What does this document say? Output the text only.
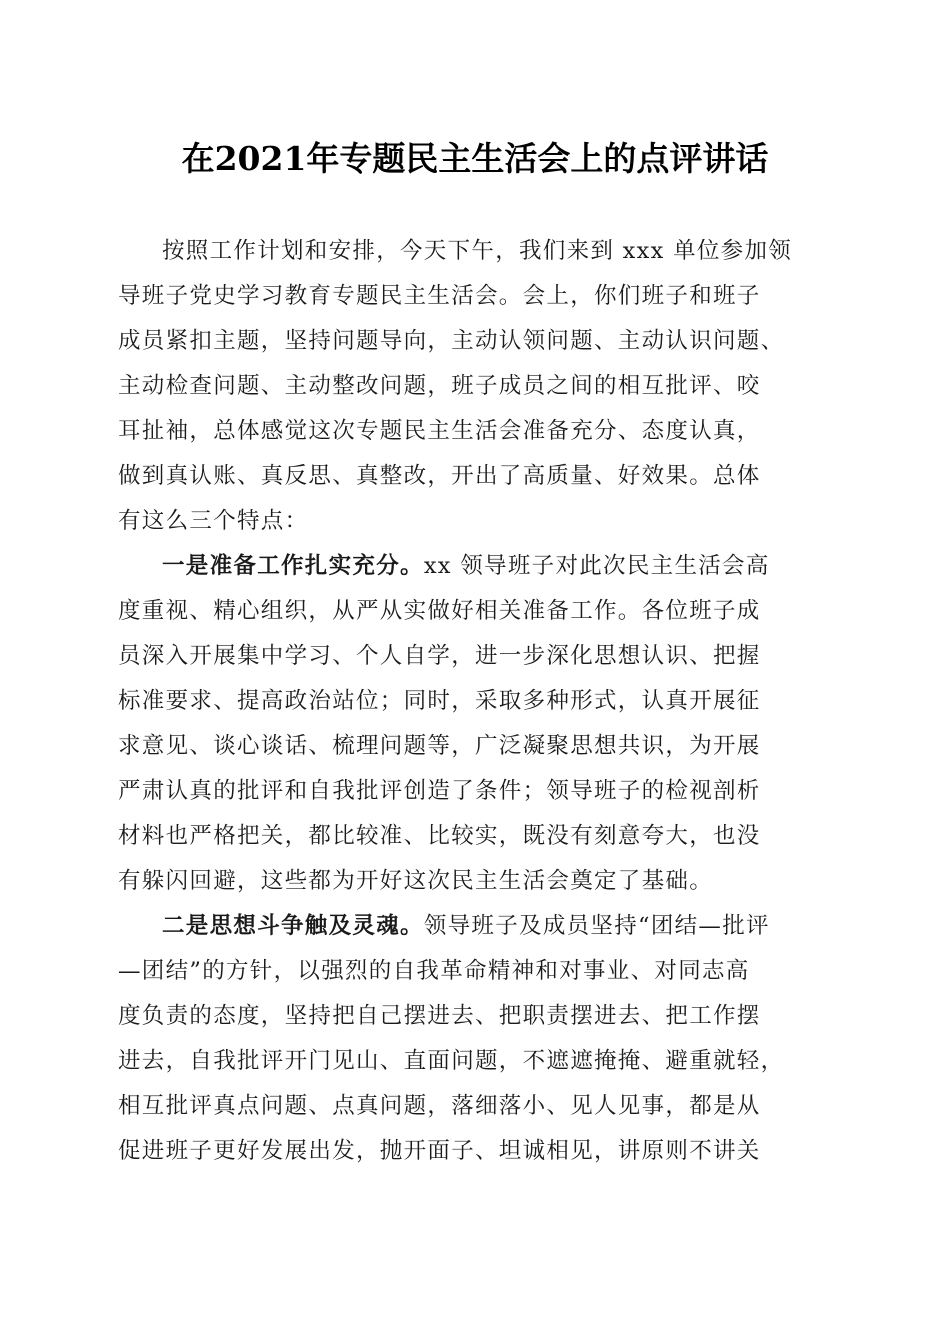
在2021年专题民主生活会上的点评讲话
按照工作计划和安排，今天下午，我们来到 xxx 单位参加领
导班子党史学习教育专题民主生活会。会上，你们班子和班子
成员紧扣主题，坚持问题导向，主动认领问题、主动认识问题、
主动检查问题、主动整改问题，班子成员之间的相互批评、咬
耳扯袖，总体感觉这次专题民主生活会准备充分、态度认真，
做到真认账、真反思、真整改，开出了高质量、好效果。总体
有这么三个特点：
一是准备工作扎实充分。xx 领导班子对此次民主生活会高
度重视、精心组织，从严从实做好相关准备工作。各位班子成
员深入开展集中学习、个人自学，进一步深化思想认识、把握
标准要求、提高政治站位；同时，采取多种形式，认真开展征
求意见、谈心谈话、梳理问题等，广泛凝聚思想共识，为开展
严肃认真的批评和自我批评创造了条件；领导班子的检视剖析
材料也严格把关，都比较准、比较实，既没有刻意夸大，也没
有躲闪回避，这些都为开好这次民主生活会奠定了基础。
二是思想斗争触及灵魂。领导班子及成员坚持“团结—批评
—团结”的方针，以强烈的自我革命精神和对事业、对同志高
度负责的态度，坚持把自己摆进去、把职责摆进去、把工作摆
进去，自我批评开门见山、直面问题，不遮遮掩掩、避重就轻，
相互批评真点问题、点真问题，落细落小、见人见事，都是从
促进班子更好发展出发，抛开面子、坦诚相见，讲原则不讲关
